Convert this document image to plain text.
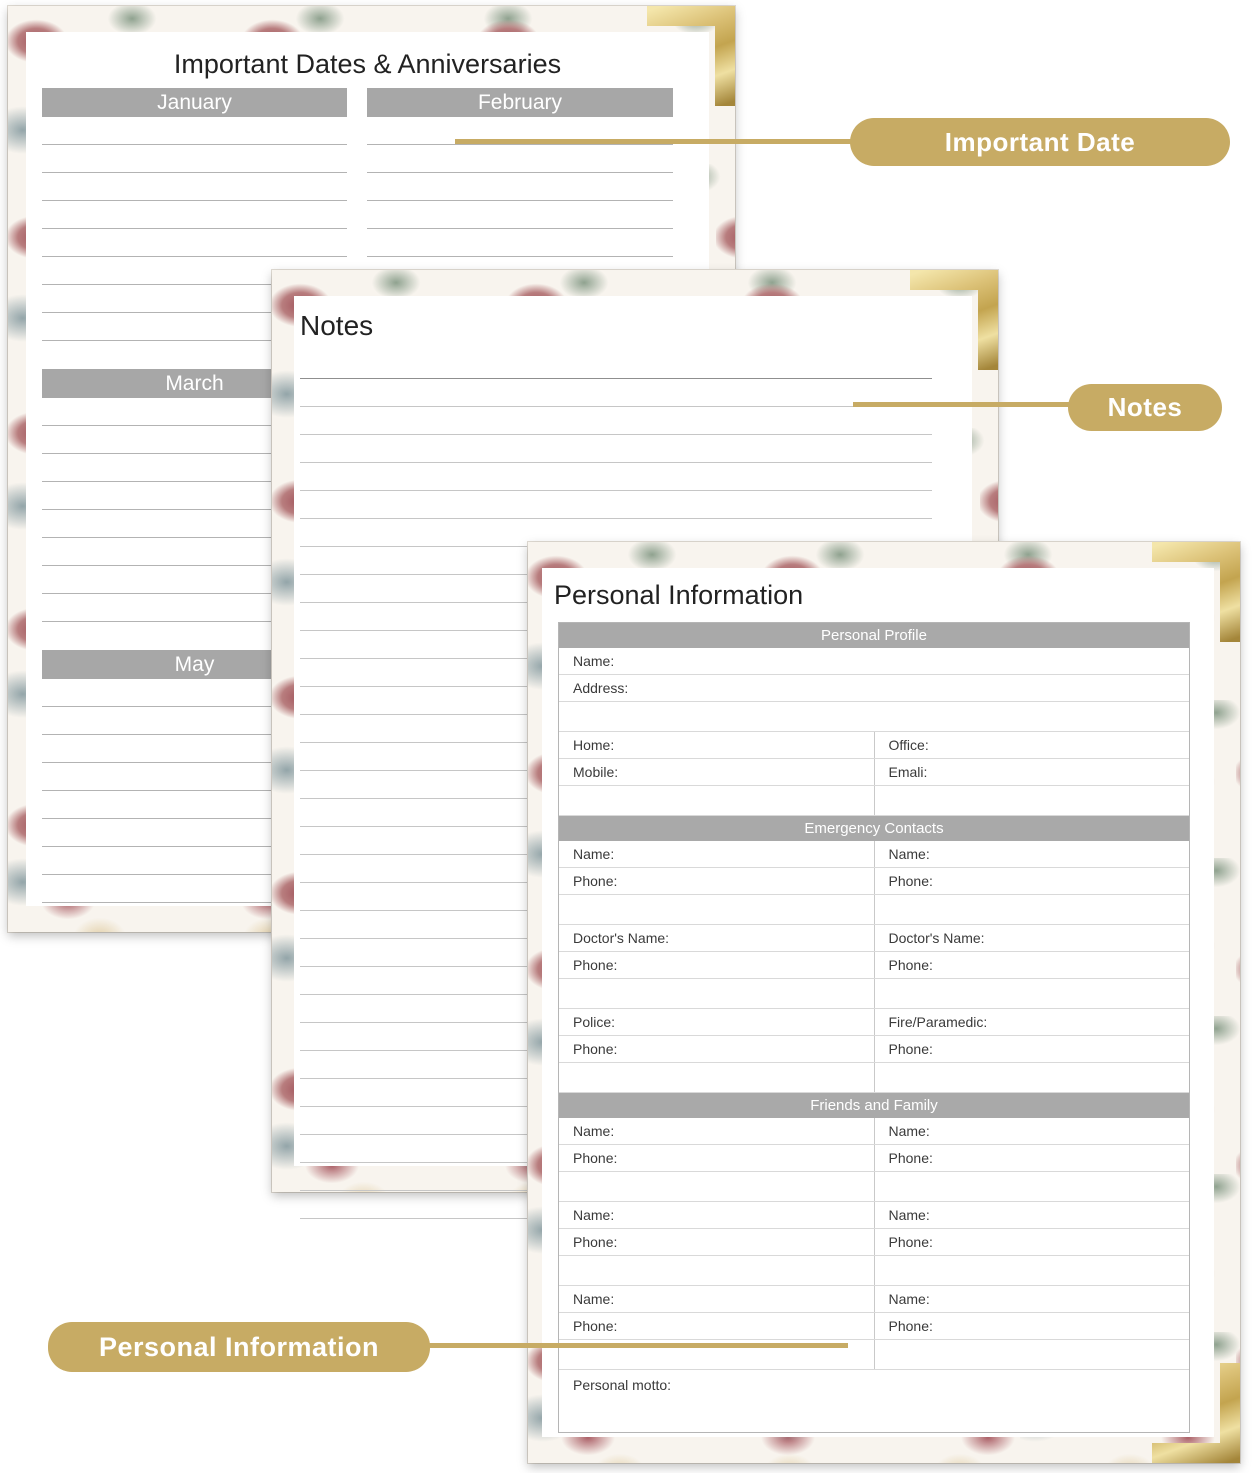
Important Dates & Anniversaries
January
March
May
February
Notes
Personal Information
Personal Profile
Name:
Address:
Home:	Office:
Mobile:	Emali:
Emergency Contacts
Name:	Name:
Phone:	Phone:
Doctor's Name:	Doctor's Name:
Phone:	Phone:
Police:	Fire/Paramedic:
Phone:	Phone:
Friends and Family
Name:	Name:
Phone:	Phone:
Name:	Name:
Phone:	Phone:
Name:	Name:
Phone:	Phone:
Personal motto:
Important Date
Notes
Personal Information
